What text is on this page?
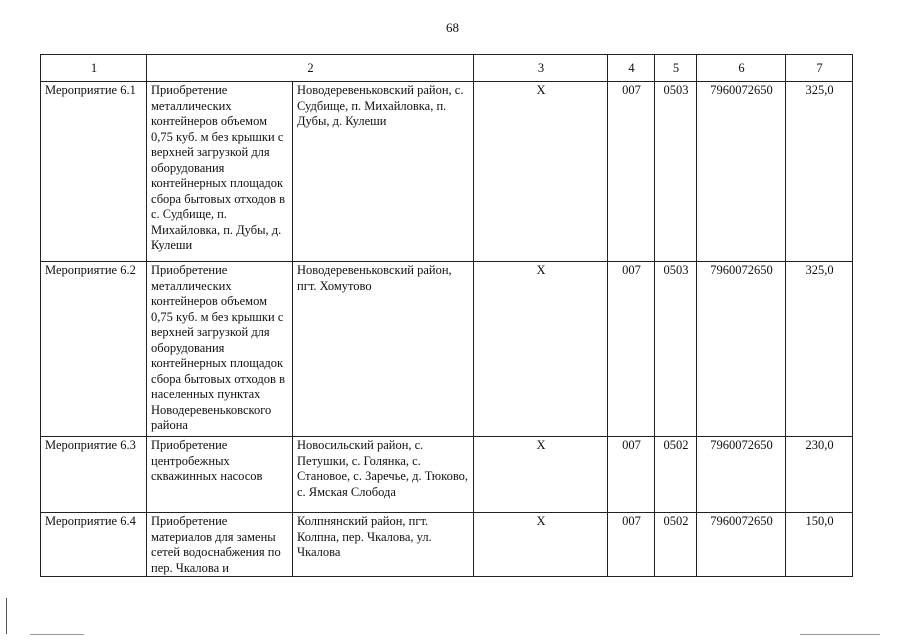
68
1	2		3	4	5	6	7
Мероприятие 6.1	Приобретение металлических контейнеров объемом 0,75 куб. м без крышки с верхней загрузкой для оборудования контейнерных площадок сбора бытовых отходов в с. Судбище, п. Михайловка, п. Дубы, д. Кулеши	Новодеревеньковский район, с. Судбище, п. Михайловка, п. Дубы, д. Кулеши	Х	007	0503	7960072650	325,0
Мероприятие 6.2	Приобретение металлических контейнеров объемом 0,75 куб. м без крышки с верхней загрузкой для оборудования контейнерных площадок сбора бытовых отходов в населенных пунктах Новодеревеньковского района	Новодеревеньковский район, пгт. Хомутово	Х	007	0503	7960072650	325,0
Мероприятие 6.3	Приобретение центробежных скважинных насосов	Новосильский район, с. Петушки, с. Голянка, с. Становое, с. Заречье, д. Тюково, с. Ямская Слобода	Х	007	0502	7960072650	230,0
Мероприятие 6.4	Приобретение материалов для замены сетей водоснабжения по пер. Чкалова и	Колпнянский район, пгт. Колпна, пер. Чкалова, ул. Чкалова	Х	007	0502	7960072650	150,0
